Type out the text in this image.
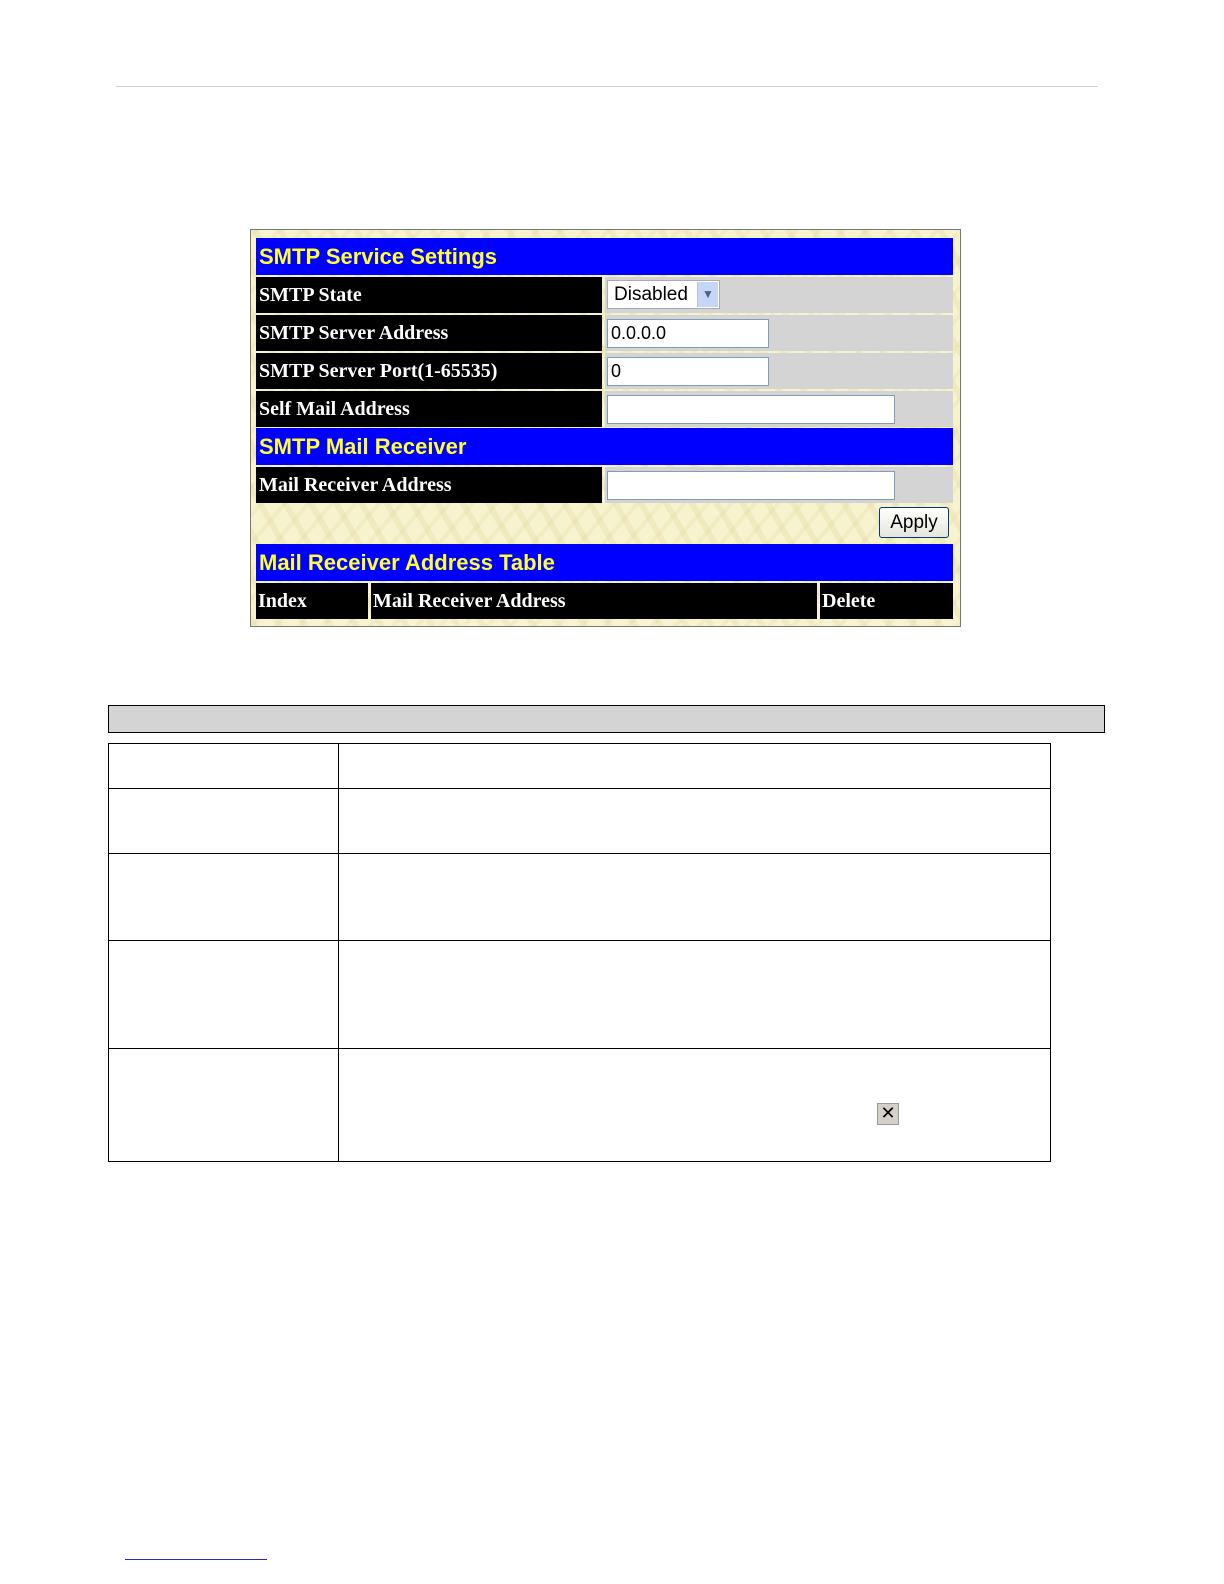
SMTP Service Settings
SMTP State	Disabled	▼
SMTP Server Address	0.0.0.0
SMTP Server Port(1-65535)	0
Self Mail Address
SMTP Mail Receiver
Mail Receiver Address
Mail Receiver Address Table
Index	Mail Receiver Address	Delete
Apply

	✕
